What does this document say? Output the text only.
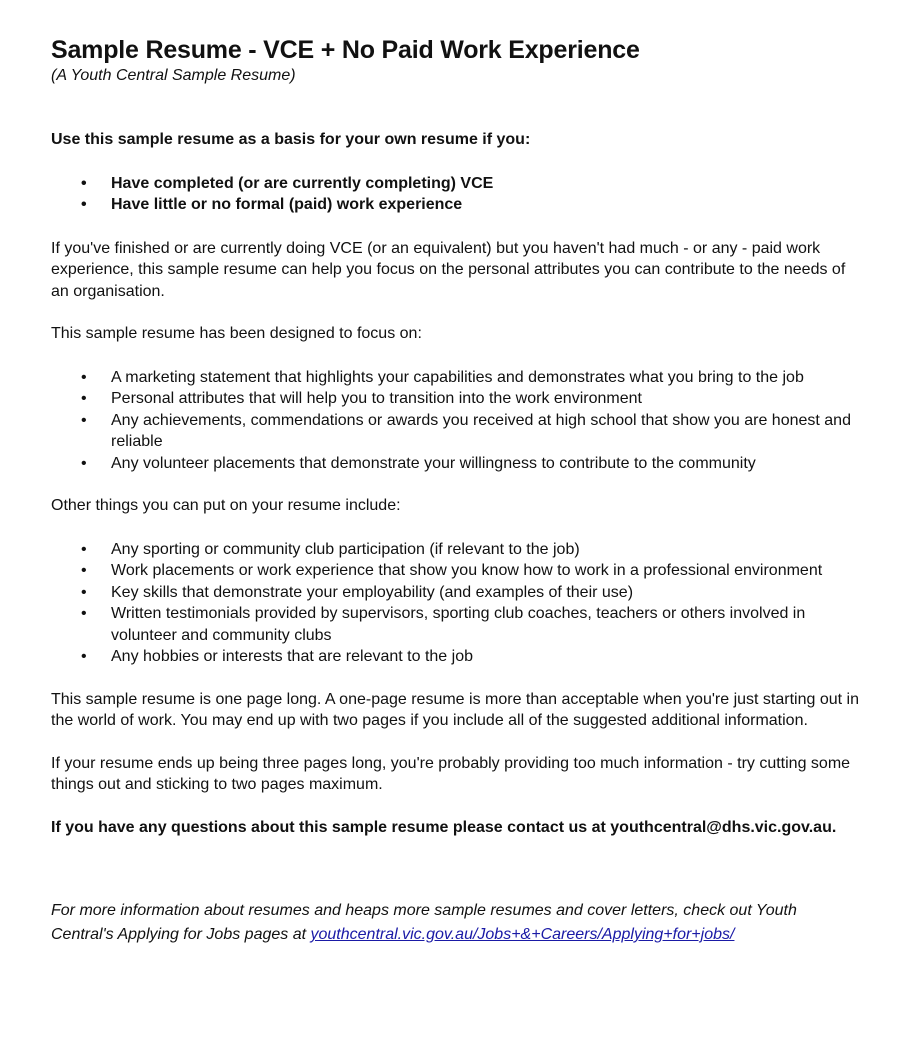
Sample Resume - VCE + No Paid Work Experience

(A Youth Central Sample Resume)

Use this sample resume as a basis for your own resume if you:

• Have completed (or are currently completing) VCE
• Have little or no formal (paid) work experience

If you've finished or are currently doing VCE (or an equivalent) but you haven't had much - or any - paid work experience, this sample resume can help you focus on the personal attributes you can contribute to the needs of an organisation.

This sample resume has been designed to focus on:

• A marketing statement that highlights your capabilities and demonstrates what you bring to the job
• Personal attributes that will help you to transition into the work environment
• Any achievements, commendations or awards you received at high school that show you are honest and reliable
• Any volunteer placements that demonstrate your willingness to contribute to the community

Other things you can put on your resume include:

• Any sporting or community club participation (if relevant to the job)
• Work placements or work experience that show you know how to work in a professional environment
• Key skills that demonstrate your employability (and examples of their use)
• Written testimonials provided by supervisors, sporting club coaches, teachers or others involved in volunteer and community clubs
• Any hobbies or interests that are relevant to the job

This sample resume is one page long. A one-page resume is more than acceptable when you're just starting out in the world of work. You may end up with two pages if you include all of the suggested additional information.

If your resume ends up being three pages long, you're probably providing too much information - try cutting some things out and sticking to two pages maximum.

If you have any questions about this sample resume please contact us at youthcentral@dhs.vic.gov.au.

For more information about resumes and heaps more sample resumes and cover letters, check out Youth Central's Applying for Jobs pages at youthcentral.vic.gov.au/Jobs+&+Careers/Applying+for+jobs/
